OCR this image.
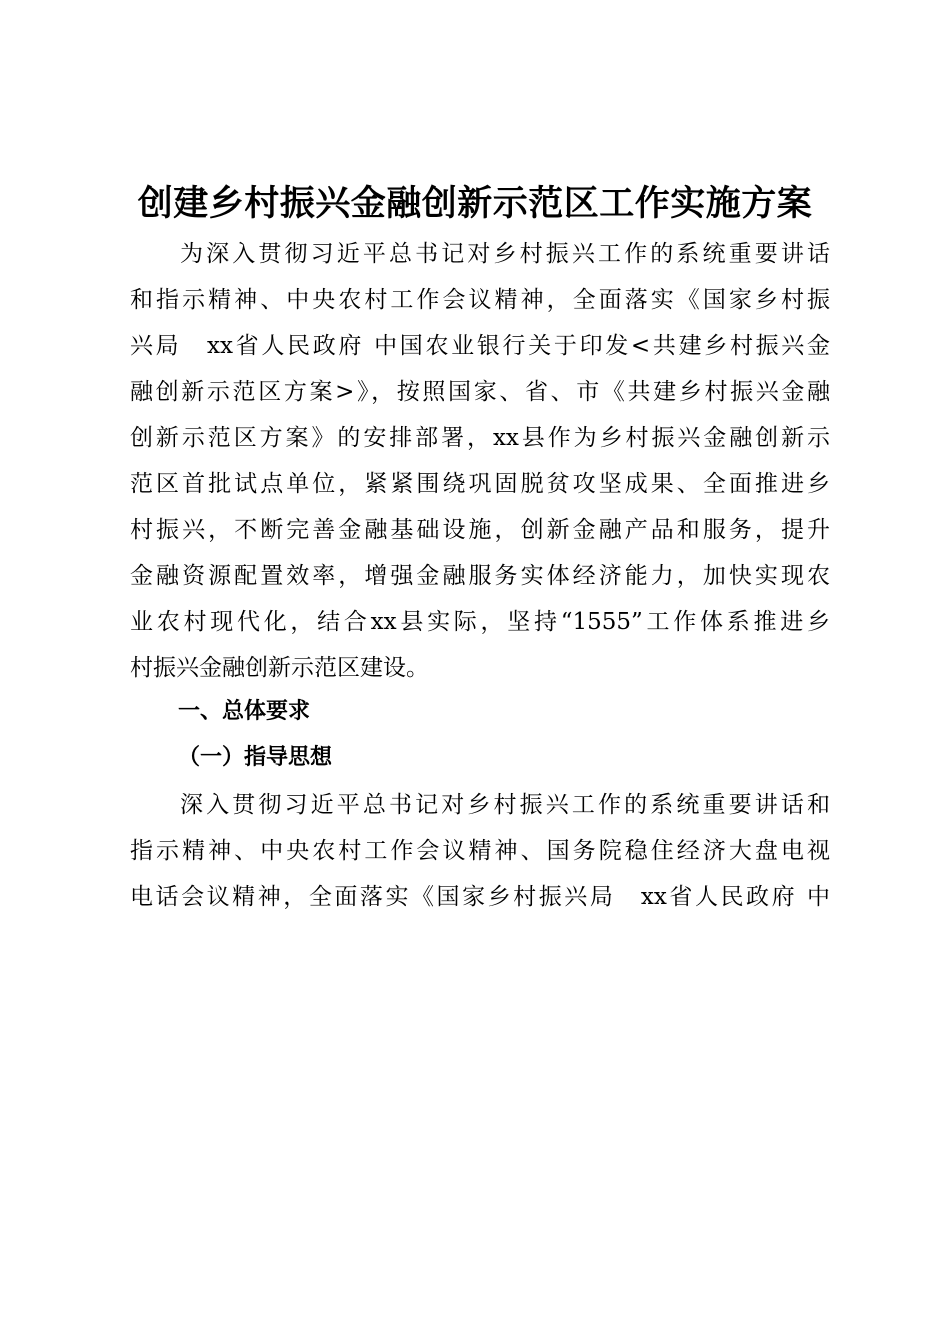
创建乡村振兴金融创新示范区工作实施方案
为深入贯彻习近平总书记对乡村振兴工作的系统重要讲话
和指示精神、中央农村工作会议精神，全面落实《国家乡村振
兴局　xx省人民政府 中国农业银行关于印发<共建乡村振兴金
融创新示范区方案>》，按照国家、省、市《共建乡村振兴金融
创新示范区方案》的安排部署，xx县作为乡村振兴金融创新示
范区首批试点单位，紧紧围绕巩固脱贫攻坚成果、全面推进乡
村振兴，不断完善金融基础设施，创新金融产品和服务，提升
金融资源配置效率，增强金融服务实体经济能力，加快实现农
业农村现代化，结合xx县实际，坚持“1555”工作体系推进乡
村振兴金融创新示范区建设。
一、总体要求
（一）指导思想
深入贯彻习近平总书记对乡村振兴工作的系统重要讲话和
指示精神、中央农村工作会议精神、国务院稳住经济大盘电视
电话会议精神，全面落实《国家乡村振兴局　xx省人民政府 中
